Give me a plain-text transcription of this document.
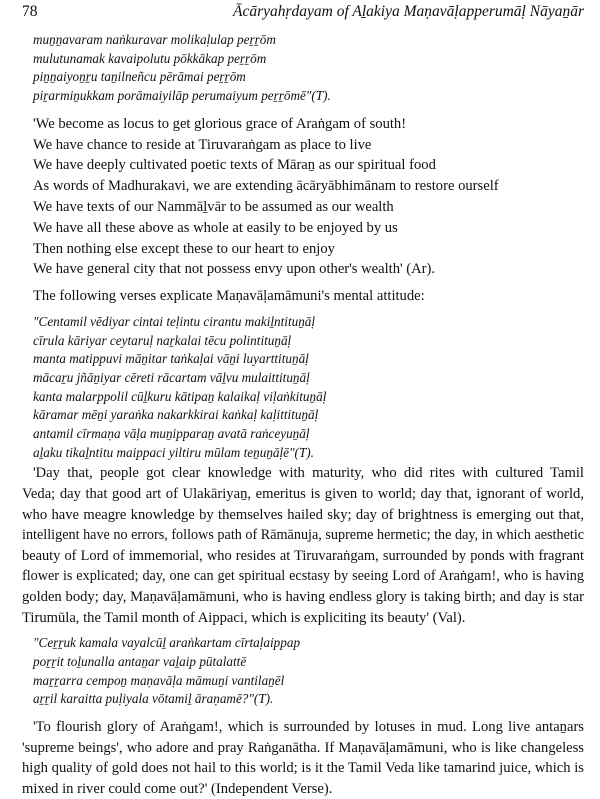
78	Ācāryahṛdayam of Aḻakiya Maṇavāḷapperumāḷ Nāyaṉār
muṉṉavaram naṅkuravar molikaḷulap peṟṟōm
mulutunamak kavaipolutu pōkkākap peṟṟōm
piṉṉaiyoṉṟu taṉilneñcu pērāmai peṟṟōm
piṟarmiṉukkam porāmaiyilāp perumaiyum peṟṟōmē"(T).
'We become as locus to get glorious grace of Araṅgam of south!
We have chance to reside at Tiruvaraṅgam as place to live
We have deeply cultivated poetic texts of Māraṉ as our spiritual food
As words of Madhurakavi, we are extending ācāryābhimānam to restore ourself
We have texts of our Nammāḻvār to be assumed as our wealth
We have all these above as whole at easily to be enjoyed by us
Then nothing else except these to our heart to enjoy
We have general city that not possess envy upon other's wealth' (Ar).
The following verses explicate Maṇavāḷamāmuni's mental attitude:
"Centamil vēdiyar cintai teḷintu cirantu makiḻntituṉāḷ
cīrula kāriyar ceytaruḷ naṟkalai tēcu polintituṉāḷ
manta matippuvi māṉitar taṅkaḷai vāṉi luyarttituṉāḷ
mācaṟu jñāṉiyar cēreti rācartam vāḻvu mulaittituṉāḷ
kanta malarppolil cūḻkuru kātipaṉ kalaikaḷ viḷaṅkituṉāḷ
kāramar mēṉi yaraṅka nakarkkirai kaṅkaḷ kaḷittituṉāḷ
antamil cīrmaṇa vāḷa muṉipparaṉ avatā raṅceyuṉāḷ
aḻaku tikaḻntitu maippaci yiltiru mūlam teṉuṉāḷē"(T).
'Day that, people got clear knowledge with maturity, who did rites with cultured Tamil
Veda; day that good art of Ulakāriyaṉ, emeritus is given to world; day that, ignorant of world,
who have meagre knowledge by themselves hailed sky; day of brightness is emerging out that,
intelligent have no errors, follows path of Rāmānuja, supreme hermetic; the day, in which aesthetic
beauty of Lord of immemorial, who resides at Tiruvaraṅgam, surrounded by ponds with fragrant
flower is explicated; day, one can get spiritual ecstasy by seeing Lord of Araṅgam!, who is having
golden body; day, Maṇavāḷamāmuni, who is having endless glory is taking birth; and day is star
Tirumūla, the Tamil month of Aippaci, which is expliciting its beauty' (Val).
"Ceṟṟuk kamala vayalcūḻ araṅkartam cīrtaḷaippap
poṟṟit toḻunalla antaṉar vaḻaip pūtalattē
maṟṟarra cempoṉ maṇavāḷa māmuṉi vantilaṉēl
aṟṟil karaitta puḷiyala vōtamiḻ āraṇamē?"(T).
'To flourish glory of Araṅgam!, which is surrounded by lotuses in mud. Long live antaṉars
'supreme beings', who adore and pray Raṅganātha. If Maṇavāḷamāmuni, who is like changeless
high quality of gold does not hail to this world; is it the Tamil Veda like tamarind juice, which is
mixed in river could come out?' (Independent Verse).
